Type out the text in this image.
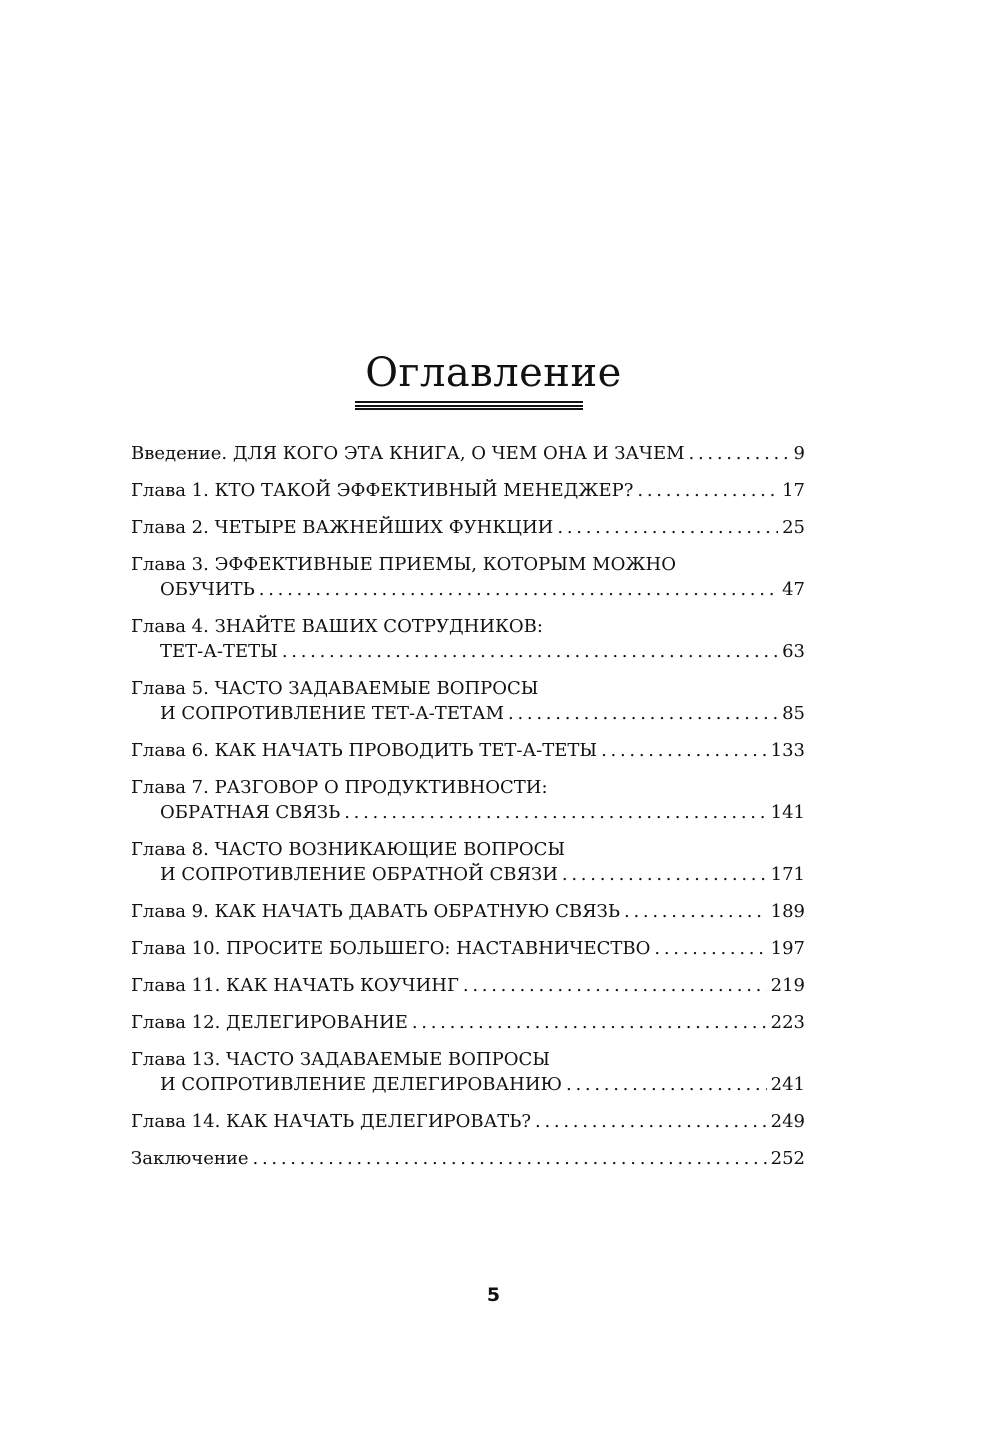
Оглавление
Введение. ДЛЯ КОГО ЭТА КНИГА, О ЧЕМ ОНА И ЗАЧЕМ . . .	9
Глава 1. КТО ТАКОЙ ЭФФЕКТИВНЫЙ МЕНЕДЖЕР? . . .	17
Глава 2. ЧЕТЫРЕ ВАЖНЕЙШИХ ФУНКЦИИ . . .	25
Глава 3. ЭФФЕКТИВНЫЕ ПРИЕМЫ, КОТОРЫМ МОЖНО
ОБУЧИТЬ . . .	47
Глава 4. ЗНАЙТЕ ВАШИХ СОТРУДНИКОВ:
ТЕТ-А-ТЕТЫ . . .	63
Глава 5. ЧАСТО ЗАДАВАЕМЫЕ ВОПРОСЫ
И СОПРОТИВЛЕНИЕ ТЕТ-А-ТЕТАМ . . .	85
Глава 6. КАК НАЧАТЬ ПРОВОДИТЬ ТЕТ-А-ТЕТЫ . . .	133
Глава 7. РАЗГОВОР О ПРОДУКТИВНОСТИ:
ОБРАТНАЯ СВЯЗЬ . . .	141
Глава 8. ЧАСТО ВОЗНИКАЮЩИЕ ВОПРОСЫ
И СОПРОТИВЛЕНИЕ ОБРАТНОЙ СВЯЗИ . . .	171
Глава 9. КАК НАЧАТЬ ДАВАТЬ ОБРАТНУЮ СВЯЗЬ . . .	189
Глава 10. ПРОСИТЕ БОЛЬШЕГО: НАСТАВНИЧЕСТВО . . .	197
Глава 11. КАК НАЧАТЬ КОУЧИНГ . . .	219
Глава 12. ДЕЛЕГИРОВАНИЕ . . .	223
Глава 13. ЧАСТО ЗАДАВАЕМЫЕ ВОПРОСЫ
И СОПРОТИВЛЕНИЕ ДЕЛЕГИРОВАНИЮ . . .	241
Глава 14. КАК НАЧАТЬ ДЕЛЕГИРОВАТЬ? . . .	249
Заключение . . .	252
5
